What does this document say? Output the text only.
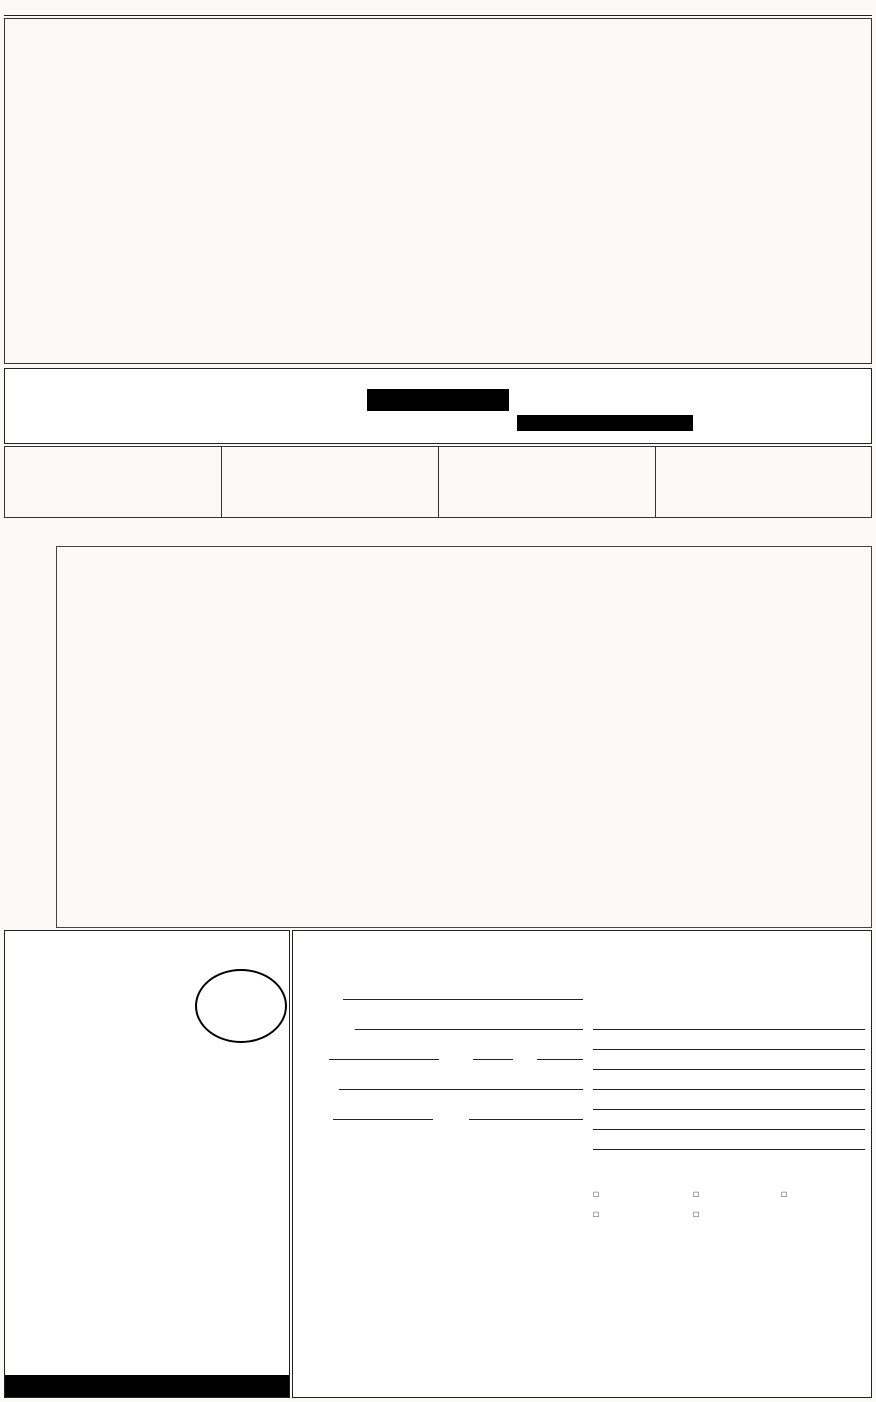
☐	☐	☐
☐	☐
